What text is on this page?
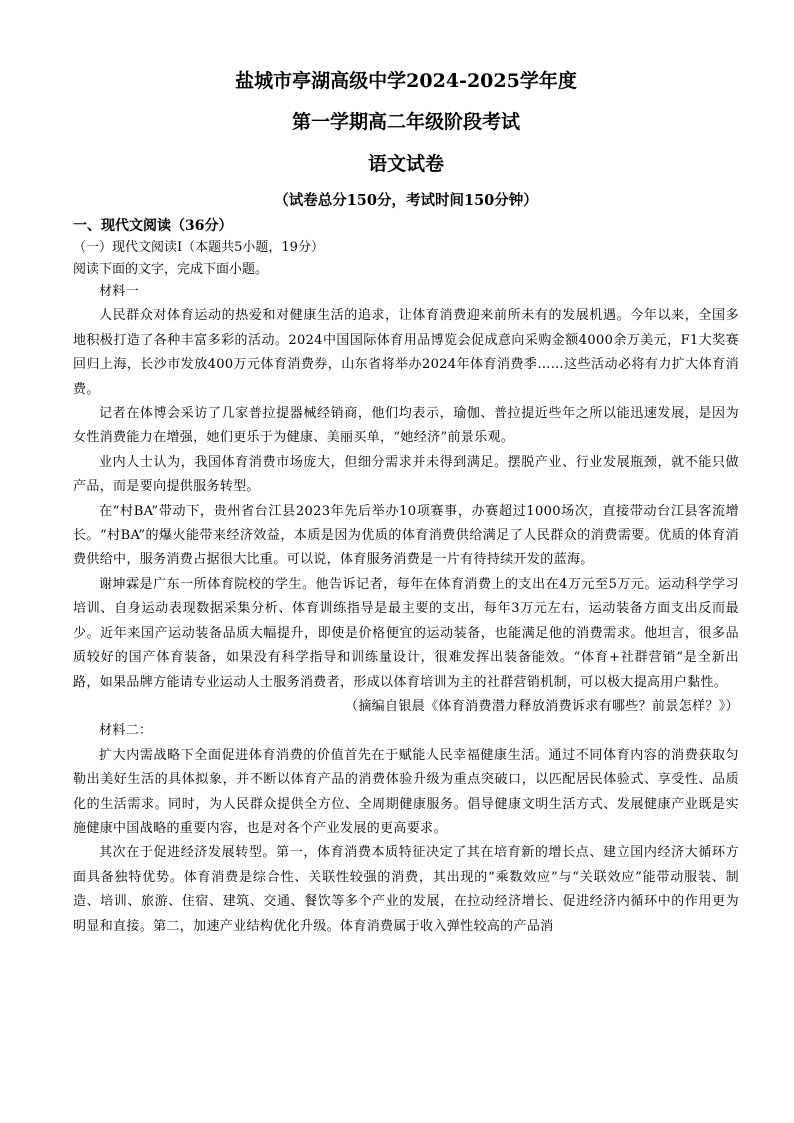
盐城市亭湖高级中学2024-2025学年度
第一学期高二年级阶段考试
语文试卷
（试卷总分150分，考试时间150分钟）
一、现代文阅读（36分）
（一）现代文阅读Ⅰ（本题共5小题，19分）
阅读下面的文字，完成下面小题。

材料一

人民群众对体育运动的热爱和对健康生活的追求，让体育消费迎来前所未有的发展机遇。今年以来，全国多地积极打造了各种丰富多彩的活动。2024中国国际体育用品博览会促成意向采购金额4000余万美元，F1大奖赛回归上海，长沙市发放400万元体育消费券，山东省将举办2024年体育消费季……这些活动必将有力扩大体育消费。

记者在体博会采访了几家普拉提器械经销商，他们均表示，瑜伽、普拉提近些年之所以能迅速发展，是因为女性消费能力在增强，她们更乐于为健康、美丽买单，“她经济”前景乐观。

业内人士认为，我国体育消费市场庞大，但细分需求并未得到满足。摆脱产业、行业发展瓶颈，就不能只做产品，而是要向提供服务转型。

在“村BA”带动下，贵州省台江县2023年先后举办10项赛事，办赛超过1000场次，直接带动台江县客流增长。“村BA”的爆火能带来经济效益，本质是因为优质的体育消费供给满足了人民群众的消费需要。优质的体育消费供给中，服务消费占据很大比重。可以说，体育服务消费是一片有待持续开发的蓝海。

谢坤霖是广东一所体育院校的学生。他告诉记者，每年在体育消费上的支出在4万元至5万元。运动科学学习培训、自身运动表现数据采集分析、体育训练指导是最主要的支出，每年3万元左右，运动装备方面支出反而最少。近年来国产运动装备品质大幅提升，即使是价格便宜的运动装备，也能满足他的消费需求。他坦言，很多品质较好的国产体育装备，如果没有科学指导和训练量设计，很难发挥出装备能效。“体育+社群营销”是全新出路，如果品牌方能请专业运动人士服务消费者，形成以体育培训为主的社群营销机制，可以极大提高用户黏性。

（摘编自银晨《体育消费潜力释放消费诉求有哪些？前景怎样？》）

材料二：

扩大内需战略下全面促进体育消费的价值首先在于赋能人民幸福健康生活。通过不同体育内容的消费获取匀勒出美好生活的具体拟象，并不断以体育产品的消费体验升级为重点突破口，以匹配居民体验式、享受性、品质化的生活需求。同时，为人民群众提供全方位、全周期健康服务。倡导健康文明生活方式、发展健康产业既是实施健康中国战略的重要内容，也是对各个产业发展的更高要求。

其次在于促进经济发展转型。第一，体育消费本质特征决定了其在培育新的增长点、建立国内经济大循环方面具备独特优势。体育消费是综合性、关联性较强的消费，其出现的“乘数效应”与“关联效应”能带动服装、制造、培训、旅游、住宿、建筑、交通、餐饮等多个产业的发展，在拉动经济增长、促进经济内循环中的作用更为明显和直接。第二，加速产业结构优化升级。体育消费属于收入弹性较高的产品消
